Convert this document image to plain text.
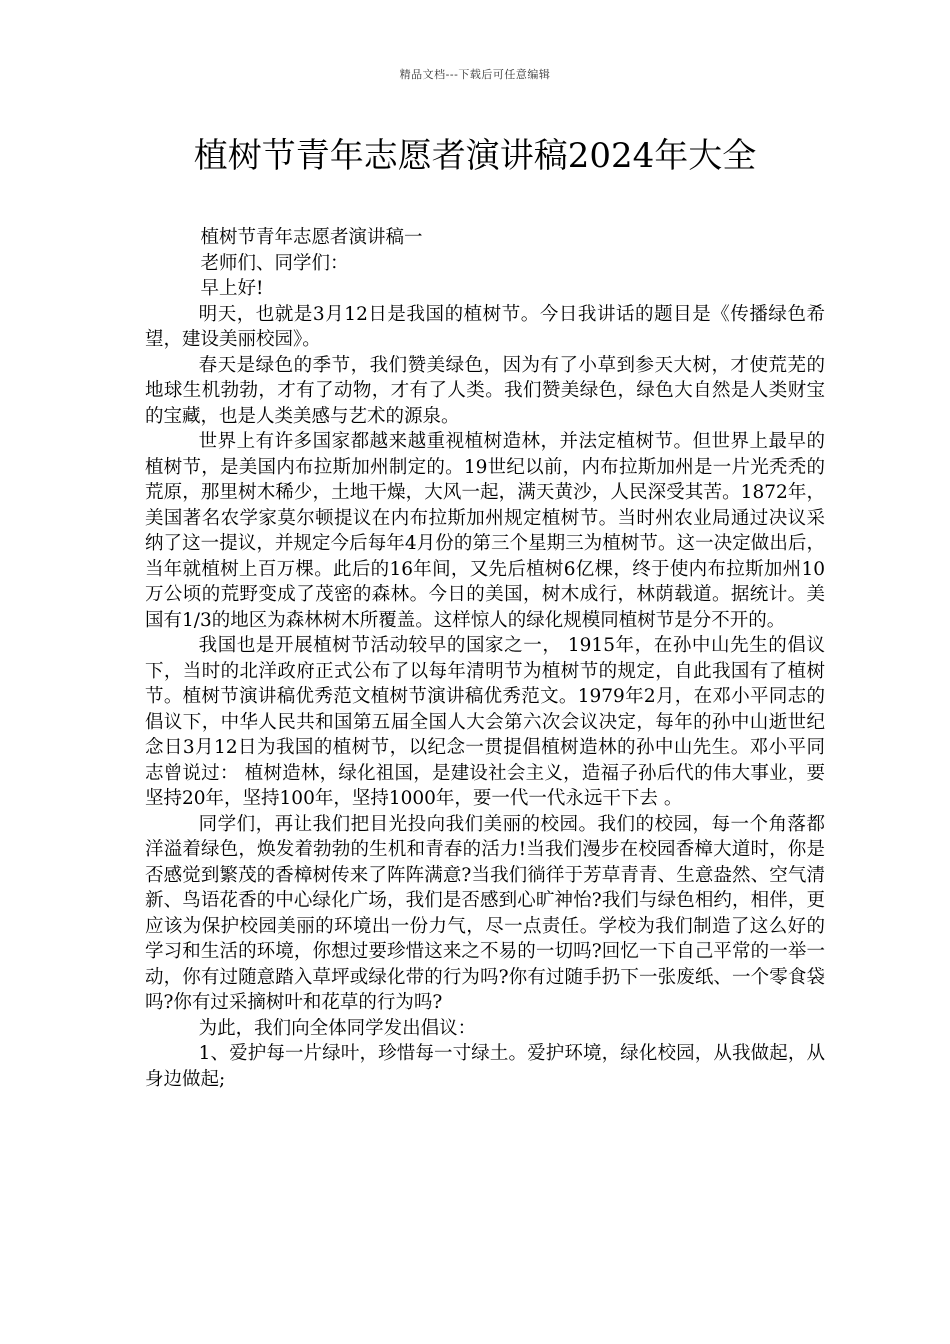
精品文档---下载后可任意编辑
植树节青年志愿者演讲稿2024年大全

植树节青年志愿者演讲稿一

老师们、同学们：

早上好!

明天，也就是3月12日是我国的植树节。今日我讲话的题目是《传播绿色希望，建设美丽校园》。

春天是绿色的季节，我们赞美绿色，因为有了小草到参天大树，才使荒芜的地球生机勃勃，才有了动物，才有了人类。我们赞美绿色，绿色大自然是人类财宝的宝藏，也是人类美感与艺术的源泉。

世界上有许多国家都越来越重视植树造林，并法定植树节。但世界上最早的植树节，是美国内布拉斯加州制定的。19世纪以前，内布拉斯加州是一片光秃秃的荒原，那里树木稀少，土地干燥，大风一起，满天黄沙，人民深受其苦。1872年，美国著名农学家莫尔顿提议在内布拉斯加州规定植树节。当时州农业局通过决议采纳了这一提议，并规定今后每年4月份的第三个星期三为植树节。这一决定做出后，当年就植树上百万棵。此后的16年间，又先后植树6亿棵，终于使内布拉斯加州10万公顷的荒野变成了茂密的森林。今日的美国，树木成行，林荫载道。据统计。美国有1/3的地区为森林树木所覆盖。这样惊人的绿化规模同植树节是分不开的。

我国也是开展植树节活动较早的国家之一， 1915年，在孙中山先生的倡议下，当时的北洋政府正式公布了以每年清明节为植树节的规定，自此我国有了植树节。植树节演讲稿优秀范文植树节演讲稿优秀范文。1979年2月，在邓小平同志的倡议下，中华人民共和国第五届全国人大会第六次会议决定，每年的孙中山逝世纪念日3月12日为我国的植树节，以纪念一贯提倡植树造林的孙中山先生。邓小平同志曾说过： 植树造林，绿化祖国，是建设社会主义，造福子孙后代的伟大事业，要坚持20年，坚持100年，坚持1000年，要一代一代永远干下去 。

同学们，再让我们把目光投向我们美丽的校园。我们的校园，每一个角落都洋溢着绿色，焕发着勃勃的生机和青春的活力!当我们漫步在校园香樟大道时，你是否感觉到繁茂的香樟树传来了阵阵满意?当我们徜徉于芳草青青、生意盎然、空气清新、鸟语花香的中心绿化广场，我们是否感到心旷神怡?我们与绿色相约，相伴，更应该为保护校园美丽的环境出一份力气，尽一点责任。学校为我们制造了这么好的学习和生活的环境，你想过要珍惜这来之不易的一切吗?回忆一下自己平常的一举一动，你有过随意踏入草坪或绿化带的行为吗?你有过随手扔下一张废纸、一个零食袋吗?你有过采摘树叶和花草的行为吗?

为此，我们向全体同学发出倡议：

1、爱护每一片绿叶，珍惜每一寸绿土。爱护环境，绿化校园，从我做起，从身边做起;
